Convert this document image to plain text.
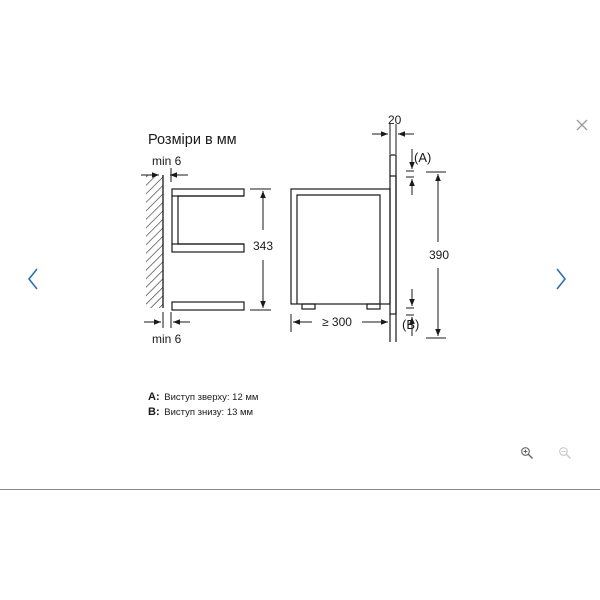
Розміри в мм
min 6
min 6
343
≥ 300
20
(A)
(B)
390
A: Виступ зверху: 12 мм
B: Виступ знизу: 13 мм
